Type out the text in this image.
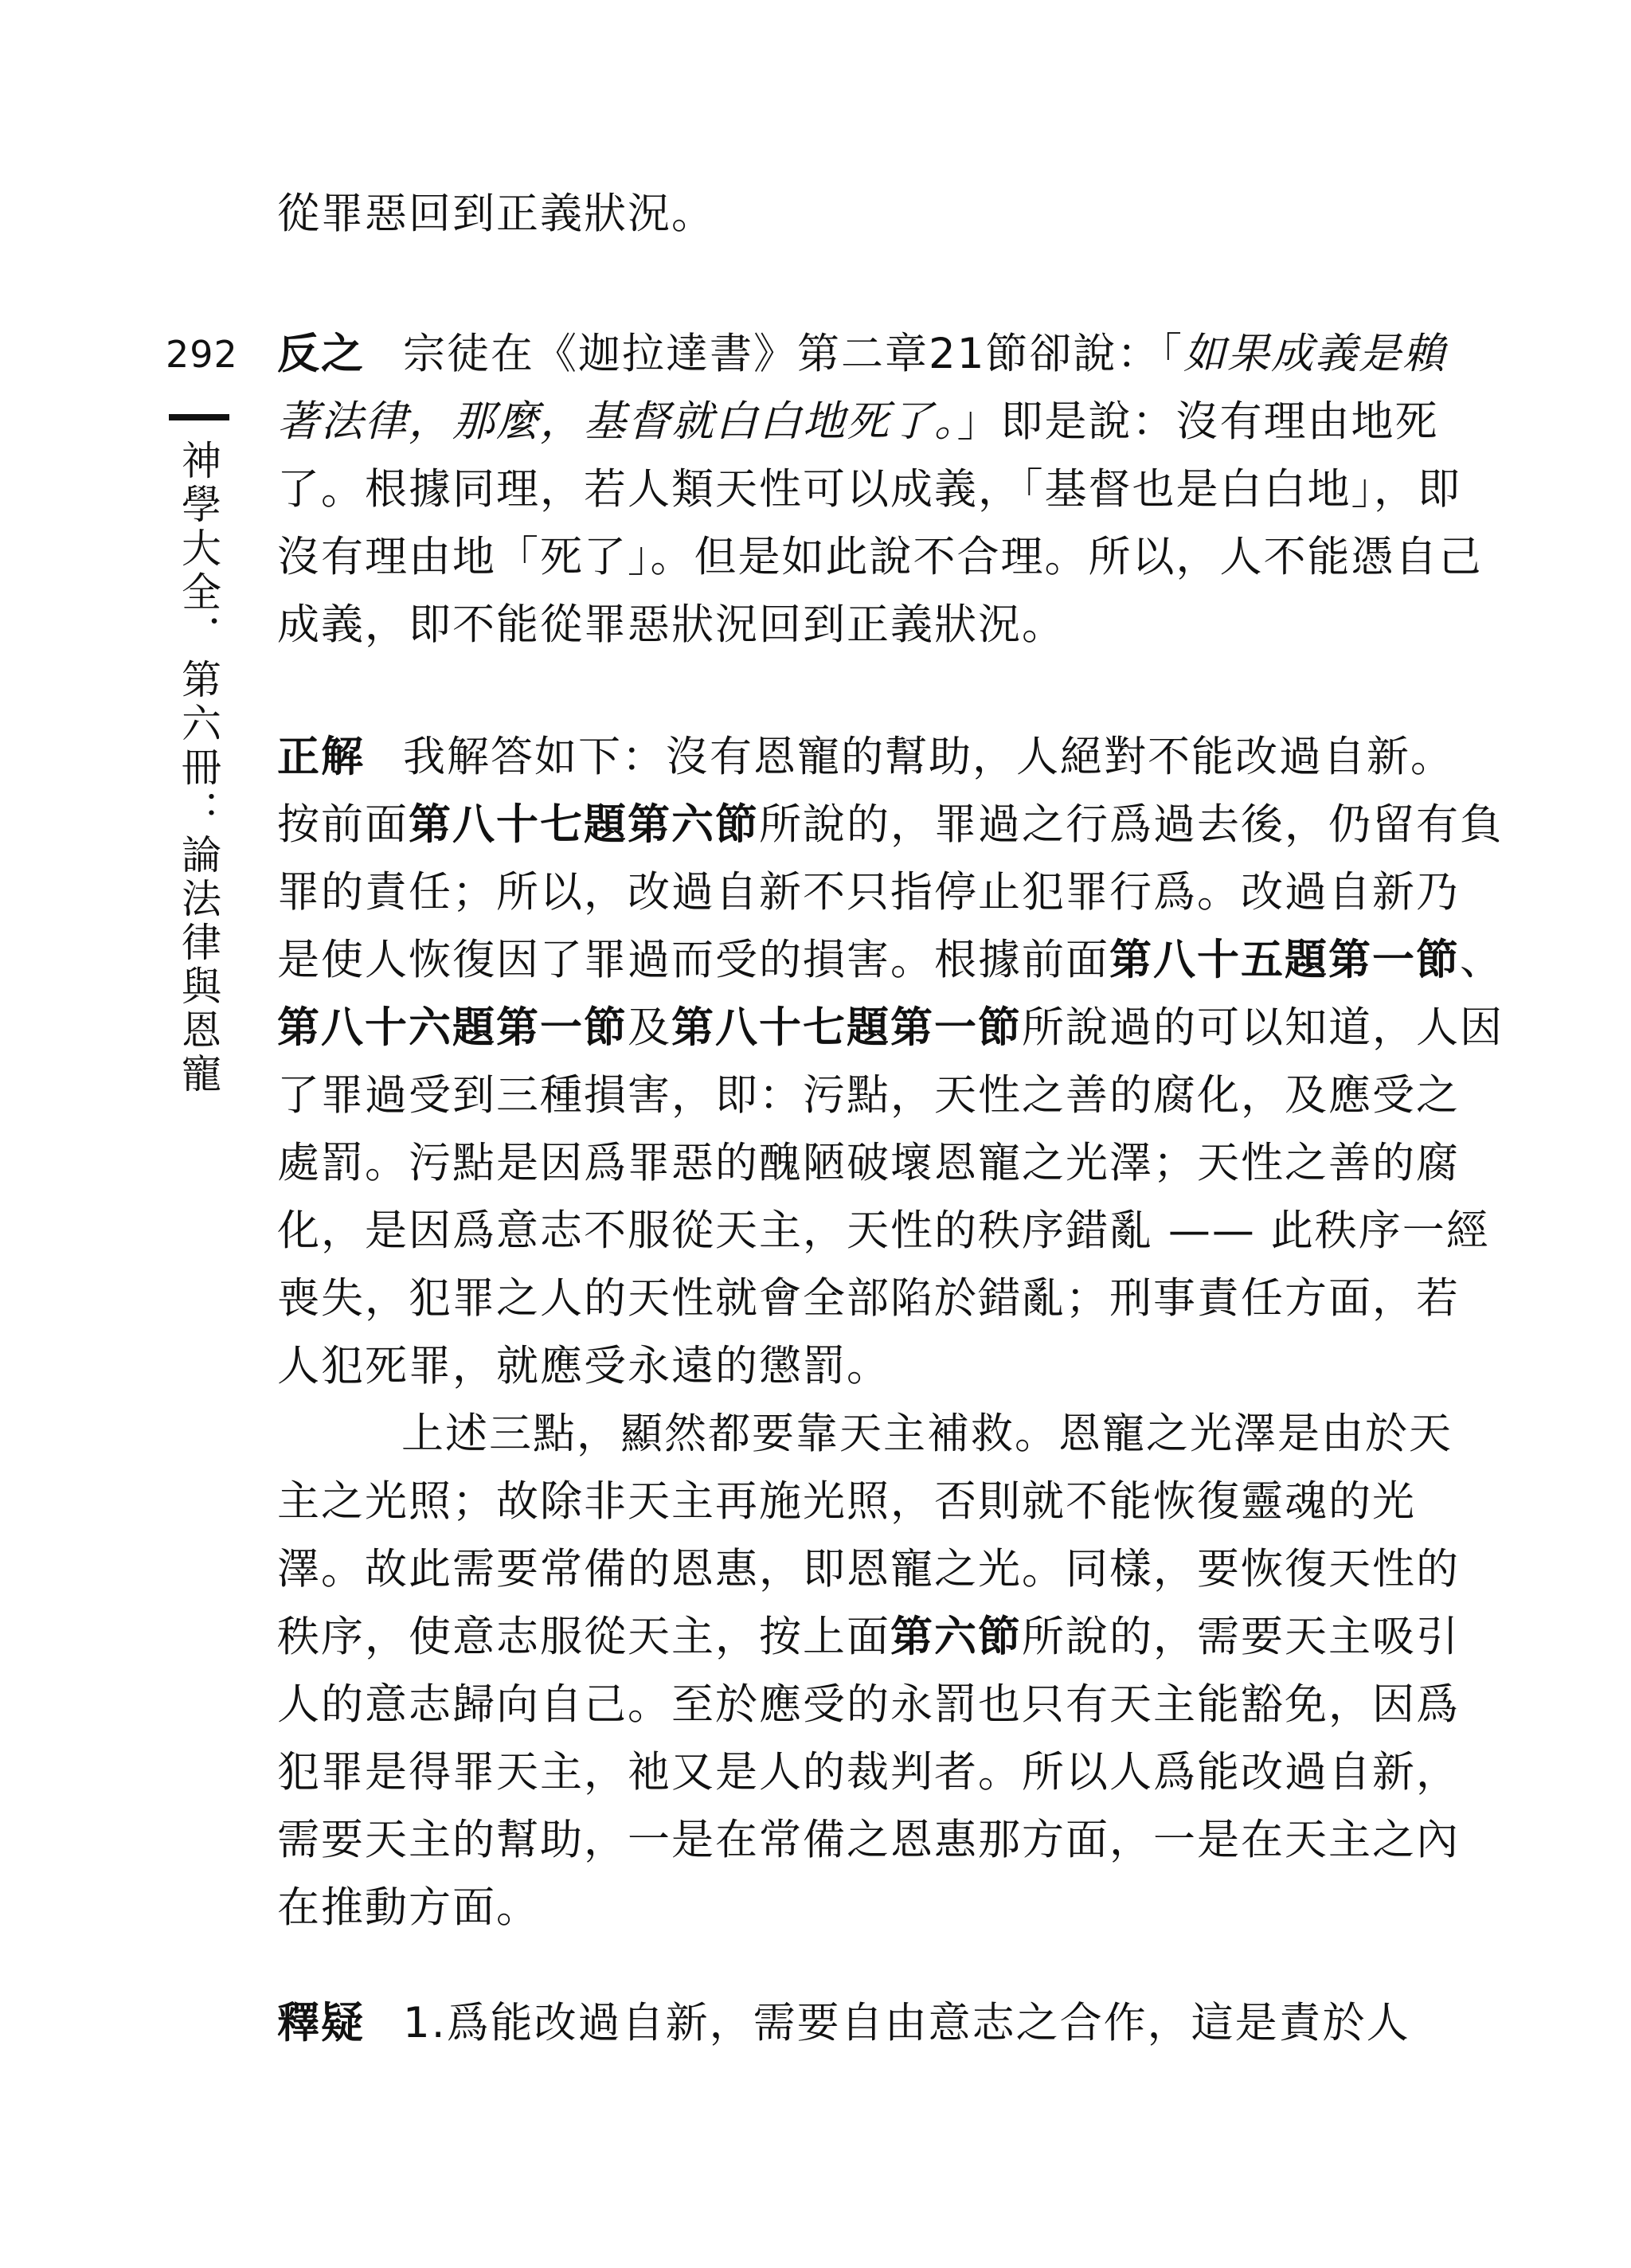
292
神學大全．第六冊：論法律與恩寵

從罪惡回到正義狀況。

反之 宗徒在《迦拉達書》第二章21節卻說：「如果成義是賴
著法律，那麼，基督就白白地死了。」即是說：沒有理由地死
了。根據同理，若人類天性可以成義，「基督也是白白地」，即
沒有理由地「死了」。但是如此說不合理。所以，人不能憑自己
成義，即不能從罪惡狀況回到正義狀況。

正解 我解答如下：沒有恩寵的幫助，人絕對不能改過自新。
按前面第八十七題第六節所說的，罪過之行爲過去後，仍留有負
罪的責任；所以，改過自新不只指停止犯罪行爲。改過自新乃
是使人恢復因了罪過而受的損害。根據前面第八十五題第一節、
第八十六題第一節及第八十七題第一節所說過的可以知道，人因
了罪過受到三種損害，即：污點，天性之善的腐化，及應受之
處罰。污點是因爲罪惡的醜陋破壞恩寵之光澤；天性之善的腐
化，是因爲意志不服從天主，天性的秩序錯亂 —— 此秩序一經
喪失，犯罪之人的天性就會全部陷於錯亂；刑事責任方面，若
人犯死罪，就應受永遠的懲罰。

上述三點，顯然都要靠天主補救。恩寵之光澤是由於天
主之光照；故除非天主再施光照，否則就不能恢復靈魂的光
澤。故此需要常備的恩惠，即恩寵之光。同樣，要恢復天性的
秩序，使意志服從天主，按上面第六節所說的，需要天主吸引
人的意志歸向自己。至於應受的永罰也只有天主能豁免，因爲
犯罪是得罪天主，祂又是人的裁判者。所以人爲能改過自新，
需要天主的幫助，一是在常備之恩惠那方面，一是在天主之內
在推動方面。

釋疑 1.爲能改過自新，需要自由意志之合作，這是責於人
